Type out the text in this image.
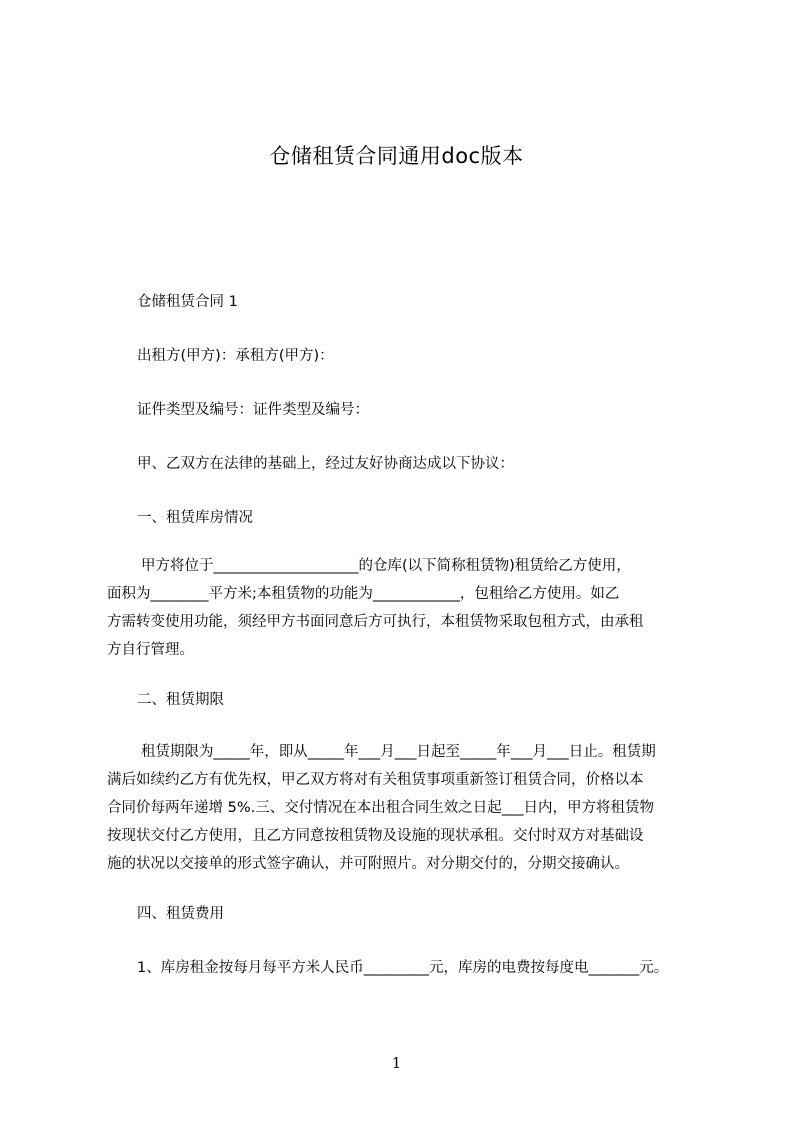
仓储租赁合同通用doc版本
仓储租赁合同 1
出租方(甲方)：承租方(甲方)：
证件类型及编号：证件类型及编号：
甲、乙双方在法律的基础上，经过友好协商达成以下协议：
一、租赁库房情况
甲方将位于____________________的仓库(以下简称租赁物)租赁给乙方使用，
面积为________平方米;本租赁物的功能为____________，包租给乙方使用。如乙
方需转变使用功能，须经甲方书面同意后方可执行，本租赁物采取包租方式，由承租
方自行管理。
二、租赁期限
租赁期限为_____年，即从_____年___月___日起至_____年___月___日止。租赁期
满后如续约乙方有优先权，甲乙双方将对有关租赁事项重新签订租赁合同，价格以本
合同价每两年递增 5%.三、交付情况在本出租合同生效之日起___日内，甲方将租赁物
按现状交付乙方使用，且乙方同意按租赁物及设施的现状承租。交付时双方对基础设
施的状况以交接单的形式签字确认，并可附照片。对分期交付的，分期交接确认。
四、租赁费用
1、库房租金按每月每平方米人民币_________元，库房的电费按每度电_______元。
1
